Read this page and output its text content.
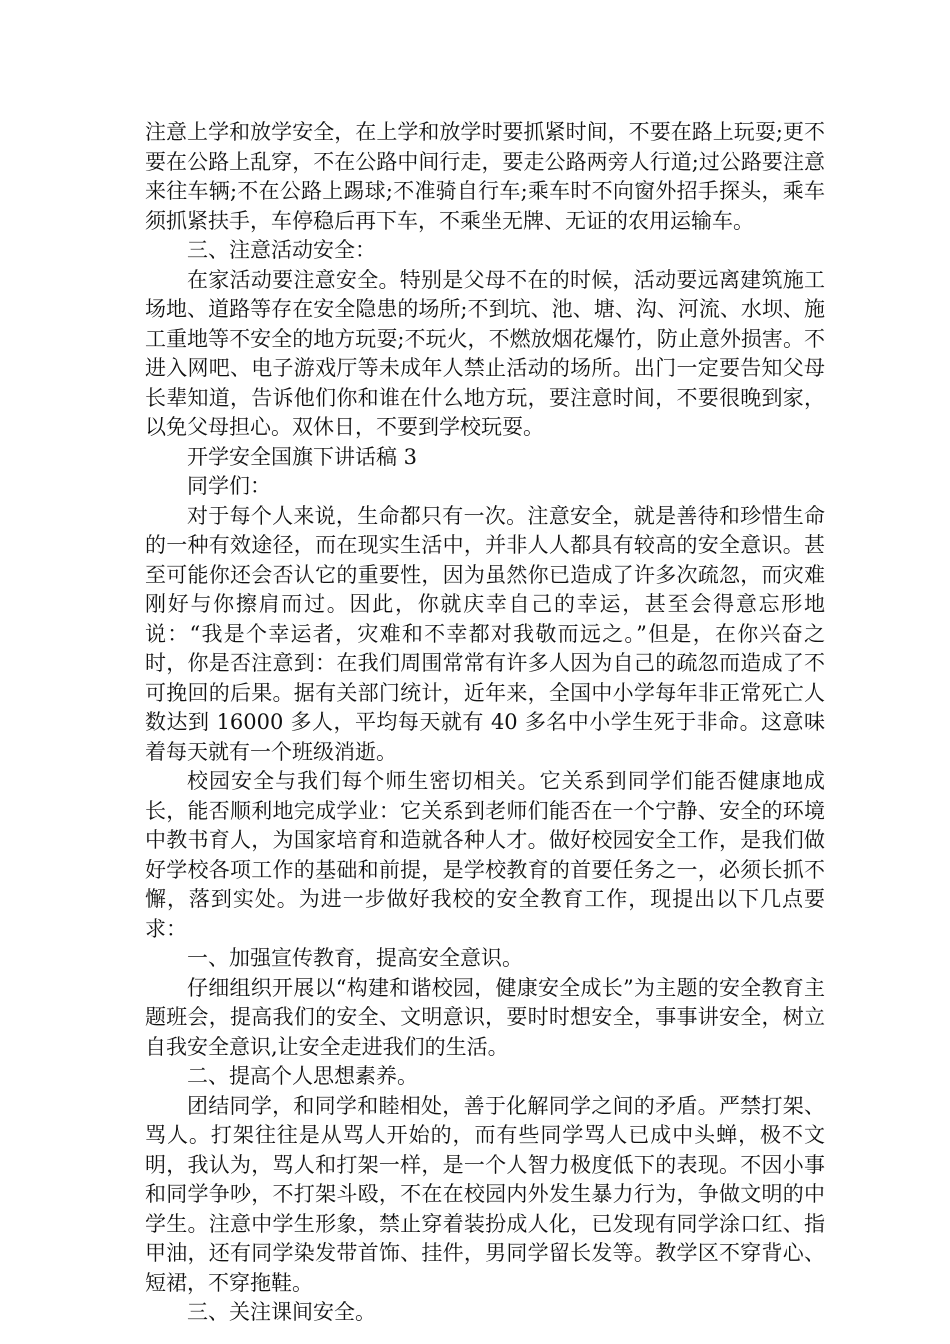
注意上学和放学安全，在上学和放学时要抓紧时间，不要在路上玩耍;更不要在公路上乱穿，不在公路中间行走，要走公路两旁人行道;过公路要注意来往车辆;不在公路上踢球;不准骑自行车;乘车时不向窗外招手探头，乘车须抓紧扶手，车停稳后再下车，不乘坐无牌、无证的农用运输车。

三、注意活动安全：

在家活动要注意安全。特别是父母不在的时候，活动要远离建筑施工场地、道路等存在安全隐患的场所;不到坑、池、塘、沟、河流、水坝、施工重地等不安全的地方玩耍;不玩火，不燃放烟花爆竹，防止意外损害。不进入网吧、电子游戏厅等未成年人禁止活动的场所。出门一定要告知父母长辈知道，告诉他们你和谁在什么地方玩，要注意时间，不要很晚到家，以免父母担心。双休日，不要到学校玩耍。

开学安全国旗下讲话稿 3

同学们：

对于每个人来说，生命都只有一次。注意安全，就是善待和珍惜生命的一种有效途径，而在现实生活中，并非人人都具有较高的安全意识。甚至可能你还会否认它的重要性，因为虽然你已造成了许多次疏忽，而灾难刚好与你擦肩而过。因此，你就庆幸自己的幸运，甚至会得意忘形地说：“我是个幸运者，灾难和不幸都对我敬而远之。”但是，在你兴奋之时，你是否注意到：在我们周围常常有许多人因为自己的疏忽而造成了不可挽回的后果。据有关部门统计，近年来，全国中小学每年非正常死亡人数达到 16000 多人，平均每天就有 40 多名中小学生死于非命。这意味着每天就有一个班级消逝。

校园安全与我们每个师生密切相关。它关系到同学们能否健康地成长，能否顺利地完成学业：它关系到老师们能否在一个宁静、安全的环境中教书育人，为国家培育和造就各种人才。做好校园安全工作，是我们做好学校各项工作的基础和前提，是学校教育的首要任务之一，必须长抓不懈，落到实处。为进一步做好我校的安全教育工作，现提出以下几点要求：

一、加强宣传教育，提高安全意识。

仔细组织开展以“构建和谐校园，健康安全成长”为主题的安全教育主题班会，提高我们的安全、文明意识，要时时想安全，事事讲安全，树立自我安全意识,让安全走进我们的生活。

二、提高个人思想素养。

团结同学，和同学和睦相处，善于化解同学之间的矛盾。严禁打架、骂人。打架往往是从骂人开始的，而有些同学骂人已成中头蝉，极不文明，我认为，骂人和打架一样，是一个人智力极度低下的表现。不因小事和同学争吵，不打架斗殴，不在在校园内外发生暴力行为，争做文明的中学生。注意中学生形象，禁止穿着装扮成人化，已发现有同学涂口红、指甲油，还有同学染发带首饰、挂件，男同学留长发等。教学区不穿背心、短裙，不穿拖鞋。

三、关注课间安全。
